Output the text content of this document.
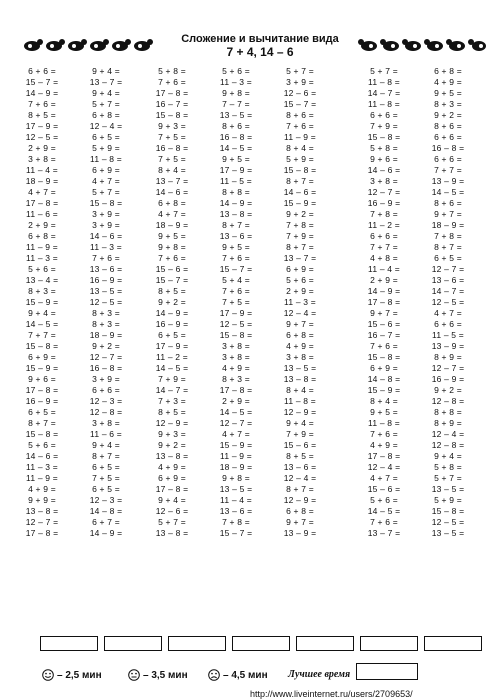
Сложение и вычитание вида
7 + 4, 14 – 6
6 + 6 =
15 – 7 =
14 – 9 =
7 + 6 =
8 + 5 =
17 – 9 =
12 – 5 =
2 + 9 =
3 + 8 =
11 – 4 =
18 – 9 =
4 + 7 =
17 – 8 =
11 – 6 =
2 + 9 =
6 + 8 =
11 – 9 =
11 – 3 =
5 + 6 =
13 – 4 =
8 + 3 =
15 – 9 =
9 + 4 =
14 – 5 =
7 + 7 =
15 – 8 =
6 + 9 =
15 – 9 =
9 + 6 =
17 – 8 =
16 – 9 =
6 + 5 =
8 + 7 =
15 – 8 =
5 + 6 =
14 – 6 =
11 – 3 =
11 – 9 =
4 + 9 =
9 + 9 =
13 – 8 =
12 – 7 =
17 – 8 =
9 + 4 =
13 – 7 =
9 + 4 =
5 + 7 =
6 + 8 =
12 – 4 =
6 + 5 =
5 + 9 =
11 – 8 =
6 + 9 =
4 + 7 =
5 + 7 =
15 – 8 =
3 + 9 =
3 + 9 =
14 – 6 =
11 – 3 =
7 + 6 =
13 – 6 =
16 – 9 =
13 – 5 =
12 – 5 =
8 + 3 =
8 + 3 =
18 – 9 =
9 + 2 =
12 – 7 =
16 – 8 =
3 + 9 =
6 + 6 =
12 – 3 =
12 – 8 =
3 + 8 =
11 – 6 =
9 + 4 =
8 + 7 =
6 + 5 =
7 + 5 =
6 + 5 =
12 – 3 =
14 – 8 =
6 + 7 =
14 – 9 =
5 + 8 =
7 + 6 =
17 – 8 =
16 – 7 =
15 – 8 =
9 + 3 =
7 + 5 =
16 – 8 =
7 + 5 =
8 + 4 =
13 – 7 =
14 – 6 =
6 + 8 =
4 + 7 =
18 – 9 =
9 + 5 =
9 + 8 =
7 + 6 =
15 – 6 =
15 – 7 =
8 + 5 =
9 + 2 =
14 – 9 =
16 – 9 =
6 + 5 =
17 – 9 =
11 – 2 =
14 – 5 =
7 + 9 =
14 – 7 =
7 + 3 =
8 + 5 =
12 – 9 =
9 + 3 =
9 + 2 =
13 – 8 =
4 + 9 =
6 + 9 =
17 – 8 =
9 + 4 =
12 – 6 =
5 + 7 =
13 – 8 =
5 + 6 =
11 – 3 =
9 + 8 =
7 – 7 =
13 – 5 =
8 + 6 =
16 – 8 =
14 – 5 =
9 + 5 =
17 – 9 =
11 – 5 =
8 + 8 =
14 – 9 =
13 – 8 =
8 + 7 =
13 – 6 =
9 + 5 =
7 + 6 =
15 – 7 =
5 + 4 =
7 + 6 =
7 + 5 =
17 – 9 =
12 – 5 =
15 – 8 =
3 + 8 =
3 + 8 =
4 + 9 =
8 + 3 =
17 – 8 =
2 + 9 =
14 – 5 =
12 – 7 =
4 + 7 =
15 – 9 =
11 – 9 =
18 – 9 =
9 + 8 =
13 – 5 =
11 – 4 =
13 – 6 =
7 + 8 =
15 – 7 =
5 + 7 =
3 + 9 =
12 – 6 =
15 – 7 =
8 + 6 =
7 + 6 =
11 – 9 =
8 + 4 =
5 + 9 =
15 – 8 =
8 + 7 =
14 – 6 =
15 – 9 =
9 + 2 =
7 + 8 =
7 + 9 =
8 + 7 =
13 – 7 =
6 + 9 =
5 + 6 =
2 + 9 =
11 – 3 =
12 – 4 =
9 + 7 =
6 + 8 =
4 + 9 =
3 + 8 =
13 – 5 =
13 – 8 =
8 + 4 =
11 – 8 =
12 – 9 =
9 + 4 =
7 + 9 =
15 – 6 =
8 + 5 =
13 – 6 =
12 – 4 =
8 + 7 =
12 – 9 =
6 + 8 =
9 + 7 =
13 – 9 =
5 + 7 =
11 – 8 =
14 – 7 =
11 – 8 =
6 + 6 =
7 + 9 =
15 – 8 =
5 + 8 =
9 + 6 =
14 – 6 =
3 + 8 =
12 – 7 =
16 – 9 =
7 + 8 =
11 – 2 =
6 + 6 =
7 + 7 =
4 + 8 =
11 – 4 =
2 + 9 =
14 – 9 =
17 – 8 =
9 + 7 =
15 – 6 =
16 – 7 =
7 + 6 =
15 – 8 =
6 + 9 =
14 – 8 =
15 – 9 =
8 + 4 =
9 + 5 =
11 – 8 =
7 + 6 =
4 + 9 =
17 – 8 =
12 – 4 =
4 + 7 =
15 – 6 =
5 + 6 =
14 – 5 =
7 + 6 =
13 – 7 =
6 + 8 =
4 + 9 =
9 + 5 =
8 + 3 =
9 + 2 =
8 + 6 =
6 + 6 =
16 – 8 =
6 + 6 =
7 + 7 =
13 – 9 =
14 – 5 =
8 + 6 =
9 + 7 =
18 – 9 =
7 + 8 =
8 + 7 =
6 + 5 =
12 – 7 =
13 – 6 =
14 – 7 =
12 – 5 =
4 + 7 =
6 + 6 =
11 – 5 =
13 – 9 =
8 + 9 =
12 – 7 =
16 – 9 =
9 + 2 =
12 – 8 =
8 + 8 =
8 + 9 =
12 – 4 =
12 – 8 =
9 + 4 =
5 + 8 =
5 + 7 =
13 – 5 =
5 + 9 =
15 – 8 =
12 – 5 =
13 – 5 =
– 2,5 мин	– 3,5 мин	– 4,5 мин Лучшее время
http://www.liveinternet.ru/users/2709653/
